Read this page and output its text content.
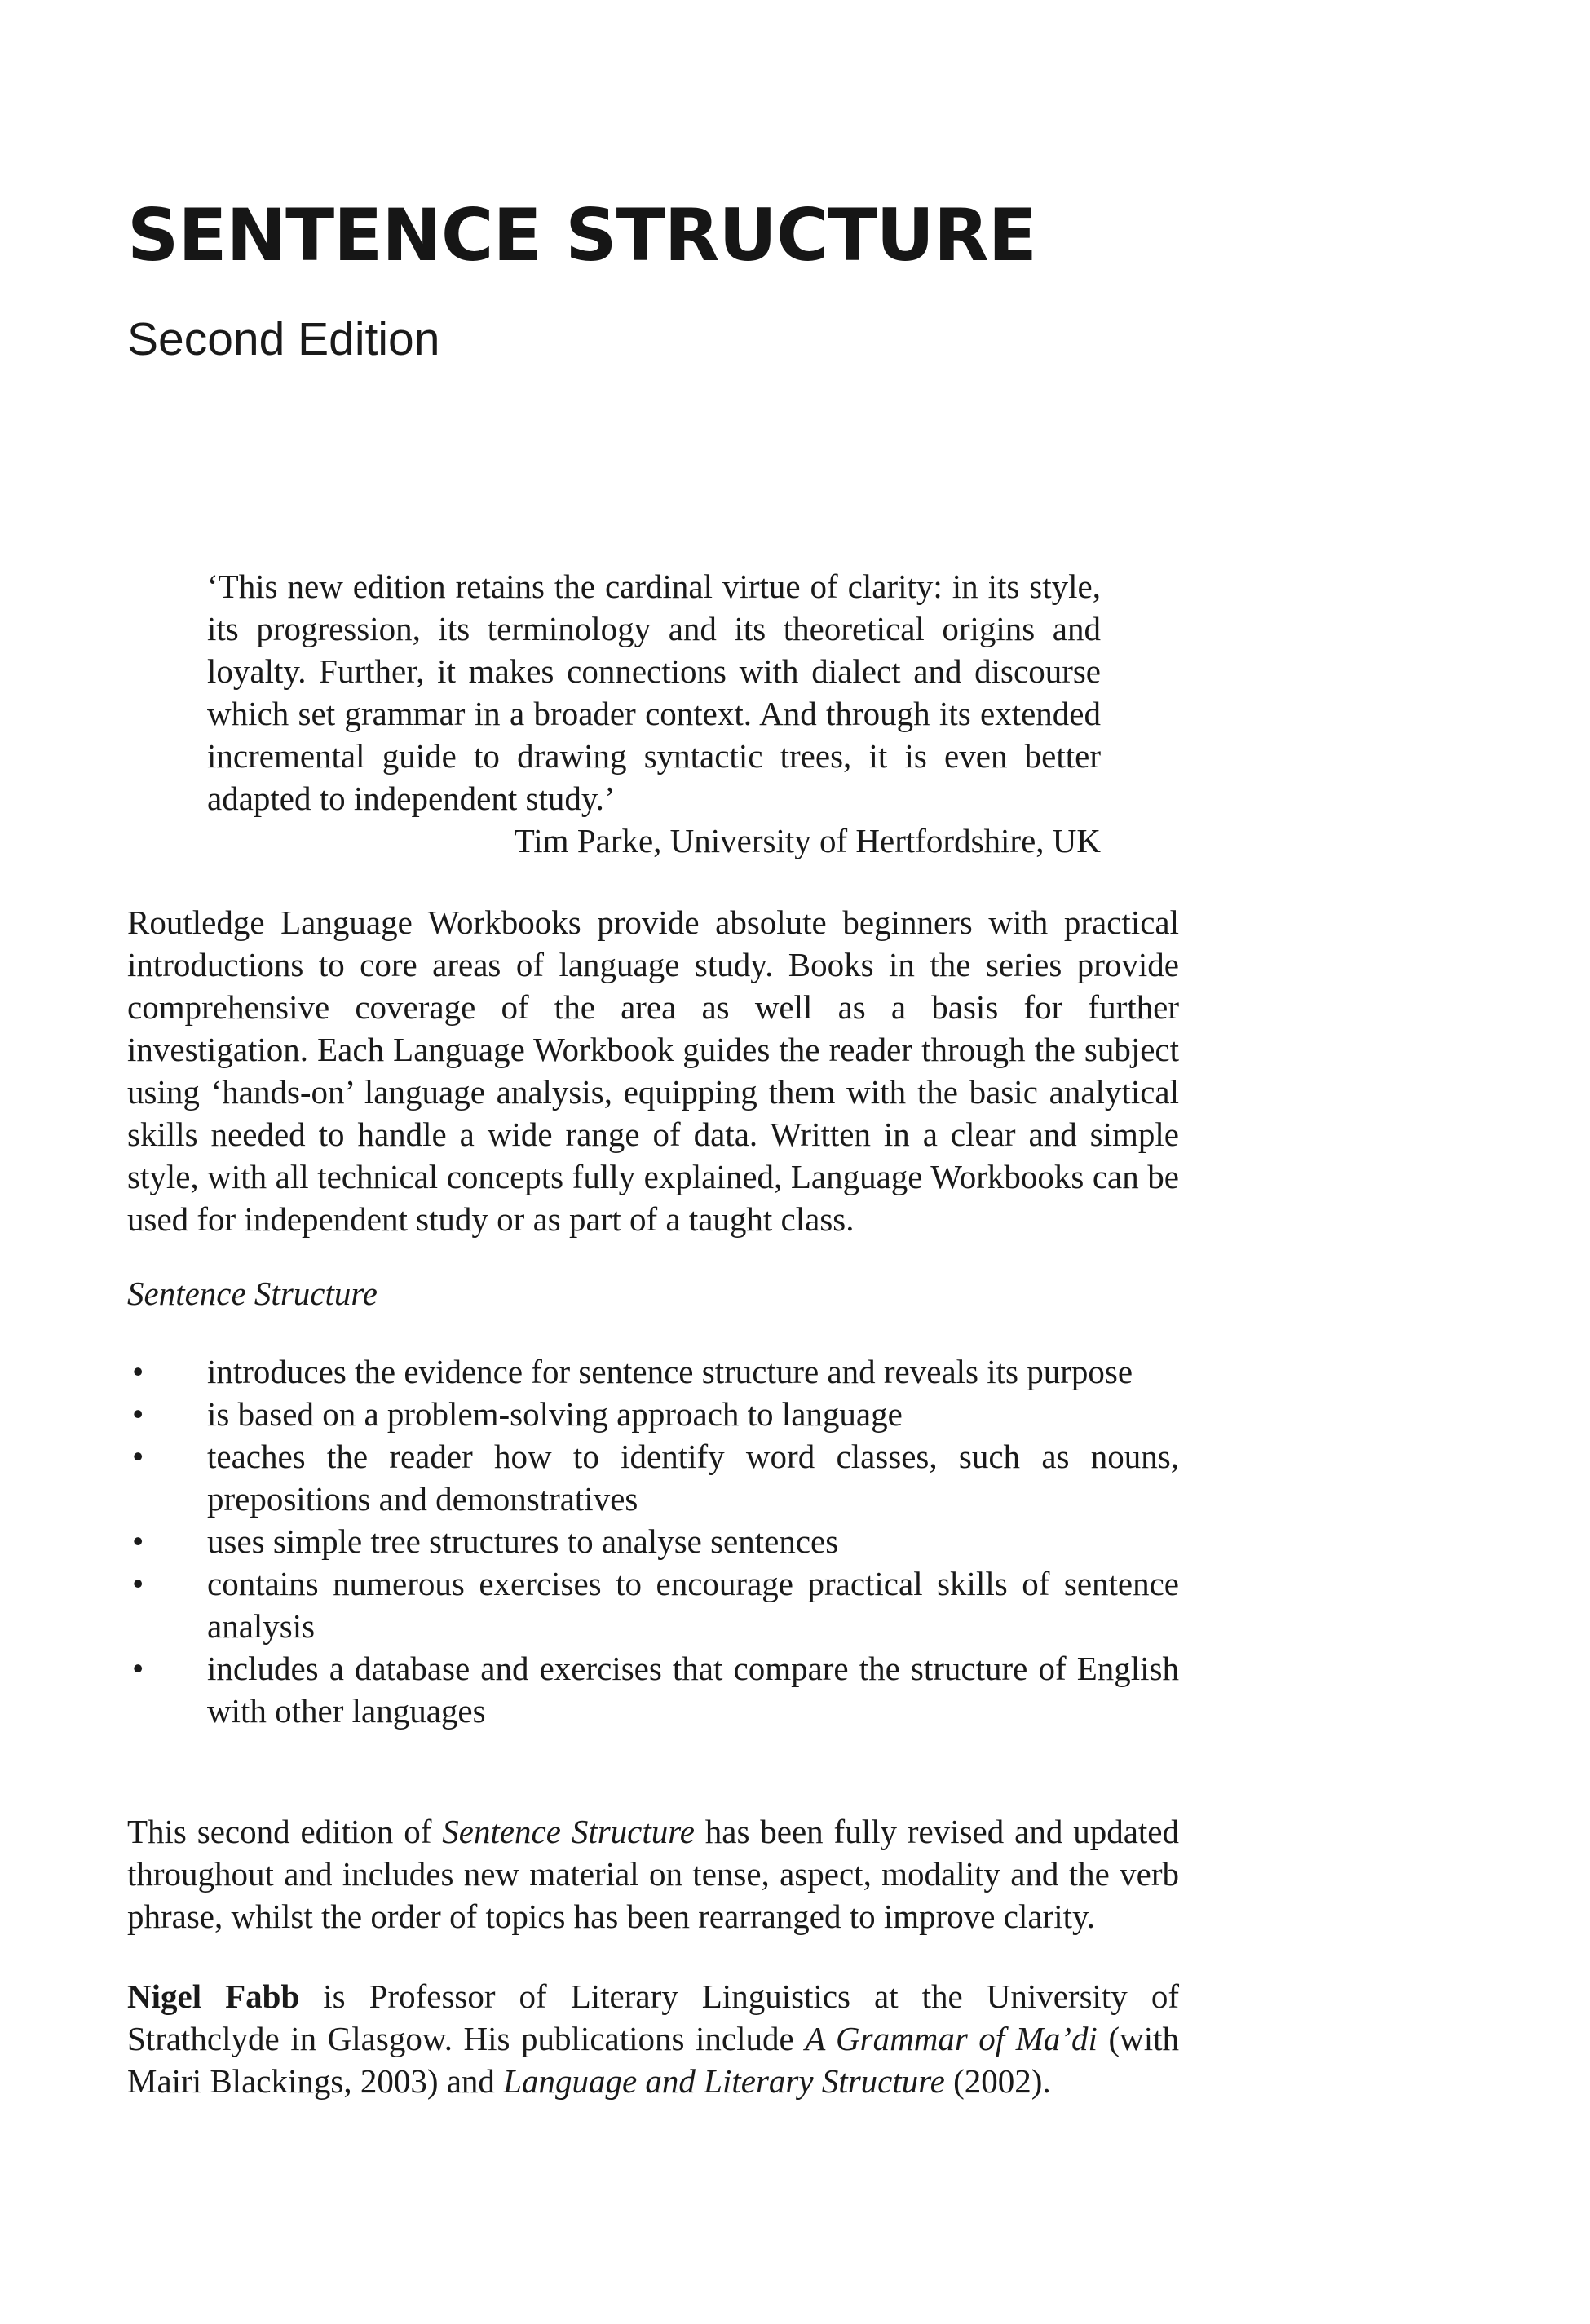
SENTENCE STRUCTURE
Second Edition

‘This new edition retains the cardinal virtue of clarity: in its style, its progression, its terminology and its theoretical origins and loyalty. Further, it makes connections with dialect and discourse which set grammar in a broader context. And through its extended incremental guide to drawing syntactic trees, it is even better adapted to independent study.’

Tim Parke, University of Hertfordshire, UK

Routledge Language Workbooks provide absolute beginners with practical introductions to core areas of language study. Books in the series provide comprehensive coverage of the area as well as a basis for further investigation. Each Language Workbook guides the reader through the subject using ‘hands-on’ language analysis, equipping them with the basic analytical skills needed to handle a wide range of data. Written in a clear and simple style, with all technical concepts fully explained, Language Workbooks can be used for independent study or as part of a taught class.

Sentence Structure

• introduces the evidence for sentence structure and reveals its purpose
• is based on a problem-solving approach to language
• teaches the reader how to identify word classes, such as nouns, prepositions and demonstratives
• uses simple tree structures to analyse sentences
• contains numerous exercises to encourage practical skills of sentence analysis
• includes a database and exercises that compare the structure of English with other languages

This second edition of Sentence Structure has been fully revised and updated throughout and includes new material on tense, aspect, modality and the verb phrase, whilst the order of topics has been rearranged to improve clarity.

Nigel Fabb is Professor of Literary Linguistics at the University of Strathclyde in Glasgow. His publications include A Grammar of Ma’di (with Mairi Blackings, 2003) and Language and Literary Structure (2002).
